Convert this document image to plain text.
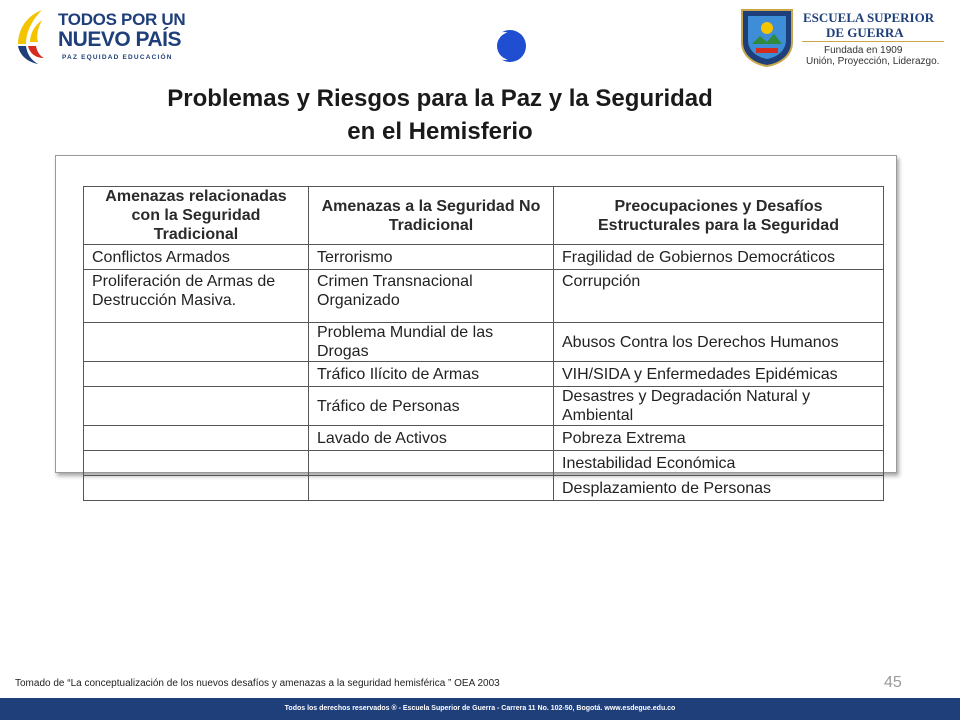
TODOS POR UN
NUEVO PAÍS
PAZ EQUIDAD EDUCACIÓN
ESCUELA SUPERIOR
DE GUERRA
Fundada en 1909
Unión, Proyección, Liderazgo.
Problemas y Riesgos para la Paz y la Seguridad
en el Hemisferio
Amenazas relacionadas con la Seguridad Tradicional	Amenazas a la Seguridad No Tradicional	Preocupaciones y Desafíos Estructurales para la Seguridad
Conflictos Armados	Terrorismo	Fragilidad de Gobiernos Democráticos
Proliferación de Armas de Destrucción Masiva.	Crimen Transnacional Organizado	Corrupción
	Problema Mundial de las Drogas	Abusos Contra los Derechos Humanos
	Tráfico Ilícito de Armas	VIH/SIDA y Enfermedades Epidémicas
	Tráfico de Personas	Desastres y Degradación Natural y Ambiental
	Lavado de Activos	Pobreza Extrema
		Inestabilidad Económica
		Desplazamiento de Personas
Tomado de “La conceptualización de los nuevos desafíos y amenazas a la seguridad hemisférica ” OEA 2003	45
Todos los derechos reservados ® - Escuela Superior de Guerra - Carrera 11 No. 102-50, Bogotá. www.esdegue.edu.co
